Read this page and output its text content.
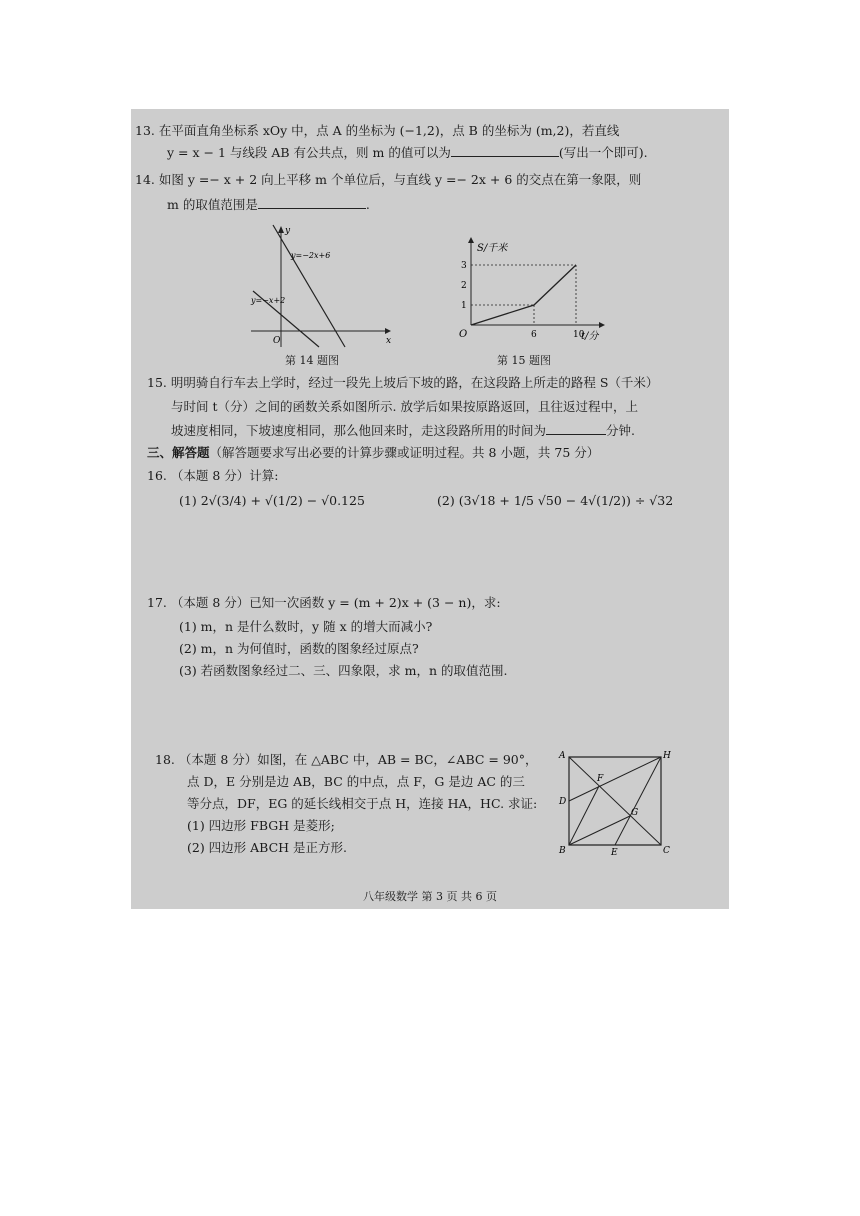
13. 在平面直角坐标系 xOy 中，点 A 的坐标为 (−1,2)，点 B 的坐标为 (m,2)，若直线
y = x − 1 与线段 AB 有公共点，则 m 的值可以为	(写出一个即可).
14. 如图 y =− x + 2 向上平移 m 个单位后，与直线 y =− 2x + 6 的交点在第一象限，则
m 的取值范围是	.
y=−2x+6
y=−x+2
x
y
O
第 14 题图
1
2
3
6	10
S/千米
t/分
O
第 15 题图
15. 明明骑自行车去上学时，经过一段先上坡后下坡的路，在这段路上所走的路程 S（千米）
与时间 t（分）之间的函数关系如图所示. 放学后如果按原路返回，且往返过程中，上
坡速度相同，下坡速度相同，那么他回来时，走这段路所用的时间为	分钟.
三、解答题（解答题要求写出必要的计算步骤或证明过程。共 8 小题，共 75 分）
16. （本题 8 分）计算:
(1) 2√(3/4) + √(1/2) − √0.125	(2) (3√18 + 1/5 √50 − 4√(1/2)) ÷ √32
17. （本题 8 分）已知一次函数 y = (m + 2)x + (3 − n)，求:
(1) m，n 是什么数时，y 随 x 的增大而减小?
(2) m，n 为何值时，函数的图象经过原点?
(3) 若函数图象经过二、三、四象限，求 m，n 的取值范围.
18. （本题 8 分）如图，在 △ABC 中，AB = BC，∠ABC = 90°，
点 D，E 分别是边 AB，BC 的中点，点 F，G 是边 AC 的三
等分点，DF，EG 的延长线相交于点 H，连接 HA，HC. 求证:
(1) 四边形 FBGH 是菱形;
(2) 四边形 ABCH 是正方形.
A	H
B	C
D
E
F
G
八年级数学 第 3 页 共 6 页
